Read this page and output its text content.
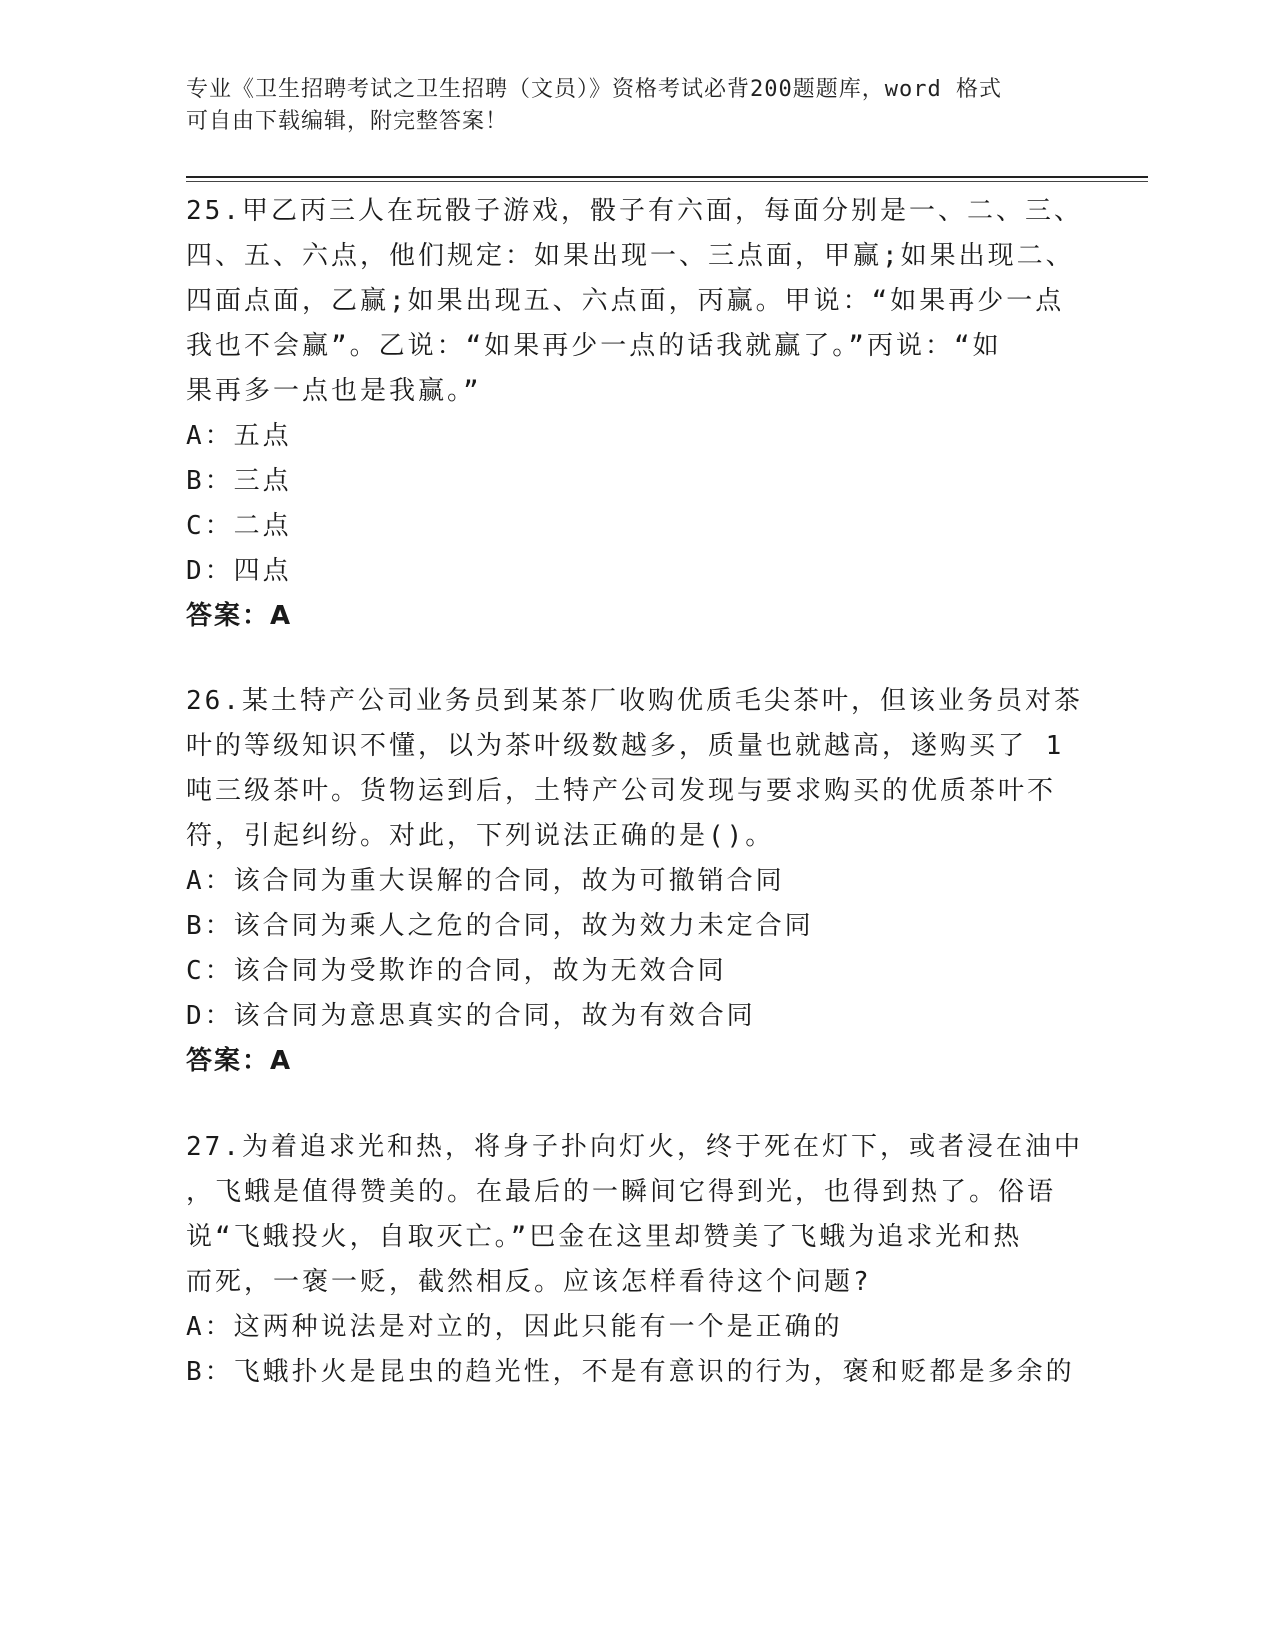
专业《卫生招聘考试之卫生招聘（文员）》资格考试必背200题题库，word 格式
可自由下载编辑，附完整答案！
25.甲乙丙三人在玩骰子游戏，骰子有六面，每面分别是一、二、三、
四、五、六点，他们规定：如果出现一、三点面，甲赢;如果出现二、
四面点面，乙赢;如果出现五、六点面，丙赢。甲说：“如果再少一点
我也不会赢”。乙说：“如果再少一点的话我就赢了。”丙说：“如
果再多一点也是我赢。”
A：五点
B：三点
C：二点
D：四点
答案：A
26.某土特产公司业务员到某茶厂收购优质毛尖茶叶，但该业务员对茶
叶的等级知识不懂，以为茶叶级数越多，质量也就越高，遂购买了 1
吨三级茶叶。货物运到后，土特产公司发现与要求购买的优质茶叶不
符，引起纠纷。对此，下列说法正确的是()。
A：该合同为重大误解的合同，故为可撤销合同
B：该合同为乘人之危的合同，故为效力未定合同
C：该合同为受欺诈的合同，故为无效合同
D：该合同为意思真实的合同，故为有效合同
答案：A
27.为着追求光和热，将身子扑向灯火，终于死在灯下，或者浸在油中
，飞蛾是值得赞美的。在最后的一瞬间它得到光，也得到热了。俗语
说“飞蛾投火，自取灭亡。”巴金在这里却赞美了飞蛾为追求光和热
而死，一褒一贬，截然相反。应该怎样看待这个问题?
A：这两种说法是对立的，因此只能有一个是正确的
B：飞蛾扑火是昆虫的趋光性，不是有意识的行为，褒和贬都是多余的
